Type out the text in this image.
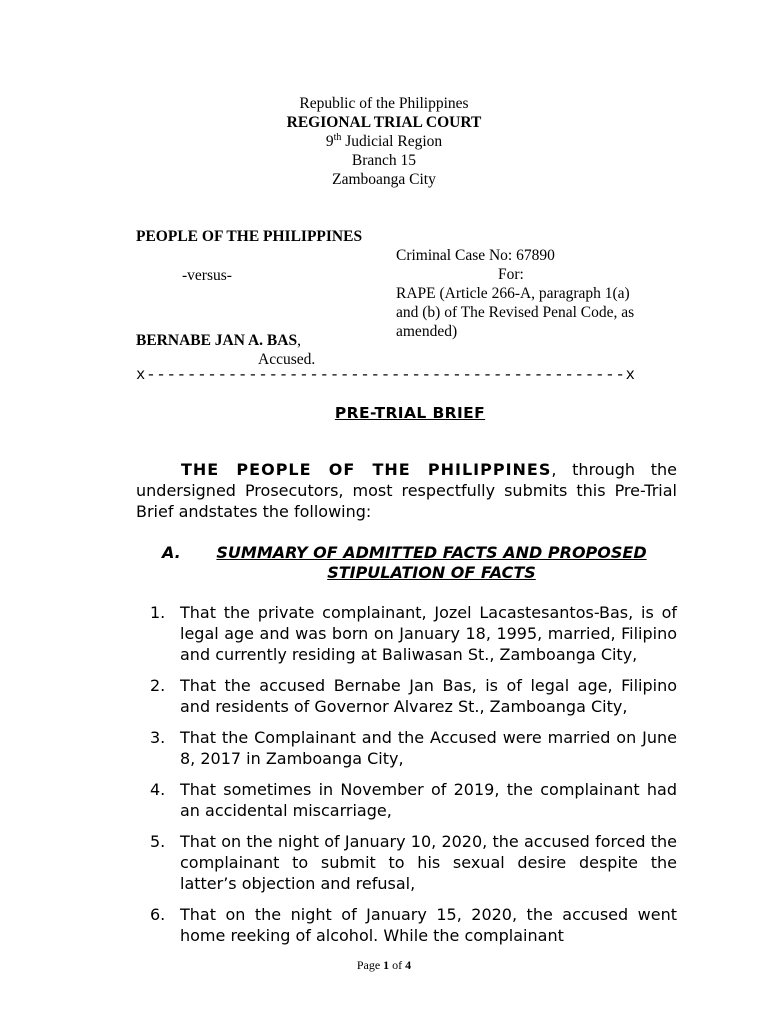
Republic of the Philippines
REGIONAL TRIAL COURT
9th Judicial Region
Branch 15
Zamboanga City
PEOPLE OF THE PHILIPPINES
-versus-
BERNABE JAN A. BAS,
Accused.
Criminal Case No: 67890
For:
RAPE (Article 266-A, paragraph 1(a)
and (b) of The Revised Penal Code, as
amended)
x-----------------------------------------------x
PRE-TRIAL BRIEF
THE PEOPLE OF THE PHILIPPINES, through the undersigned Prosecutors, most respectfully submits this Pre-Trial Brief andstates the following:
A.	SUMMARY OF ADMITTED FACTS AND PROPOSED STIPULATION OF FACTS
1. That the private complainant, Jozel Lacastesantos-Bas, is of legal age and was born on January 18, 1995, married, Filipino and currently residing at Baliwasan St., Zamboanga City,
2. That the accused Bernabe Jan Bas, is of legal age, Filipino and residents of Governor Alvarez St., Zamboanga City,
3. That the Complainant and the Accused were married on June 8, 2017 in Zamboanga City,
4. That sometimes in November of 2019, the complainant had an accidental miscarriage,
5. That on the night of January 10, 2020, the accused forced the complainant to submit to his sexual desire despite the latter’s objection and refusal,
6. That on the night of January 15, 2020, the accused went home reeking of alcohol. While the complainant
Page 1 of 4
